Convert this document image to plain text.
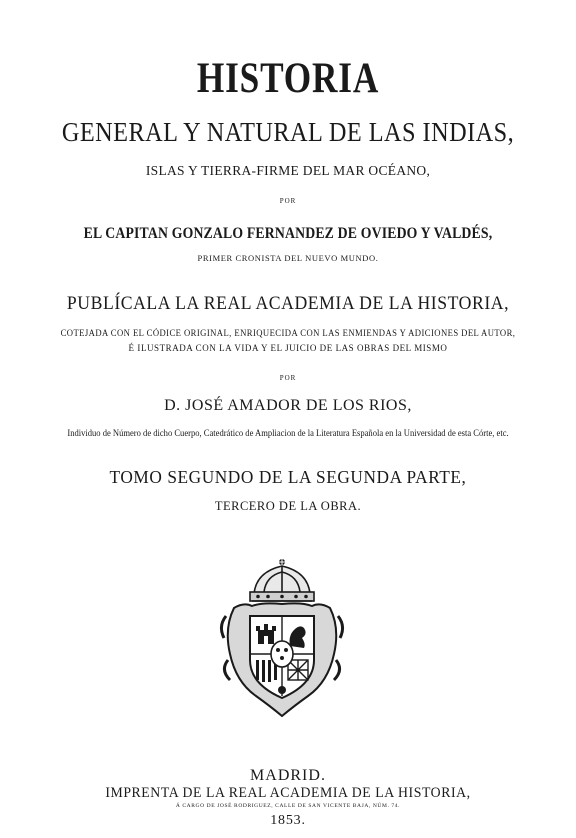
HISTORIA
GENERAL Y NATURAL DE LAS INDIAS,
ISLAS Y TIERRA-FIRME DEL MAR OCÉANO,
POR
EL CAPITAN GONZALO FERNANDEZ DE OVIEDO Y VALDÉS,
PRIMER CRONISTA DEL NUEVO MUNDO.
PUBLÍCALA LA REAL ACADEMIA DE LA HISTORIA,
COTEJADA CON EL CÓDICE ORIGINAL, ENRIQUECIDA CON LAS ENMIENDAS Y ADICIONES DEL AUTOR,
É ILUSTRADA CON LA VIDA Y EL JUICIO DE LAS OBRAS DEL MISMO
POR
D. JOSÉ AMADOR DE LOS RIOS,
Individuo de Número de dicho Cuerpo, Catedrático de Ampliacion de la Literatura Española en la Universidad de esta Córte, etc.
TOMO SEGUNDO DE LA SEGUNDA PARTE,
TERCERO DE LA OBRA.
MADRID.
IMPRENTA DE LA REAL ACADEMIA DE LA HISTORIA,
Á CARGO DE JOSÉ RODRIGUEZ, CALLE DE SAN VICENTE BAJA, NÚM. 74.
1853.
